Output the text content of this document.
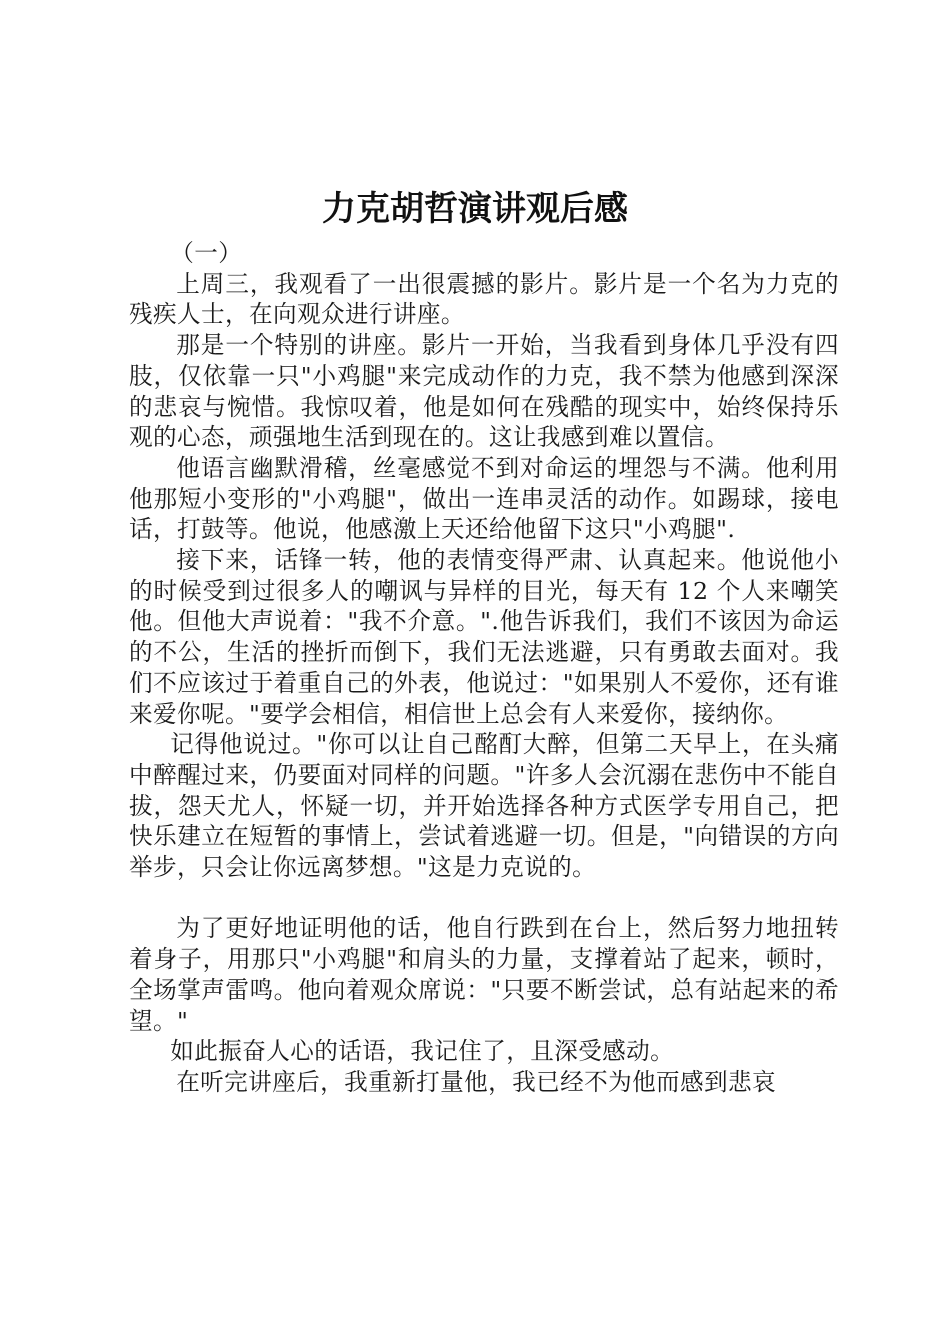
力克胡哲演讲观后感

（一）

上周三，我观看了一出很震撼的影片。影片是一个名为力克的残疾人士，在向观众进行讲座。

那是一个特别的讲座。影片一开始，当我看到身体几乎没有四肢，仅依靠一只"小鸡腿"来完成动作的力克，我不禁为他感到深深的悲哀与惋惜。我惊叹着，他是如何在残酷的现实中，始终保持乐观的心态，顽强地生活到现在的。这让我感到难以置信。

他语言幽默滑稽，丝毫感觉不到对命运的埋怨与不满。他利用他那短小变形的"小鸡腿"，做出一连串灵活的动作。如踢球，接电话，打鼓等。他说，他感激上天还给他留下这只"小鸡腿".

接下来，话锋一转，他的表情变得严肃、认真起来。他说他小的时候受到过很多人的嘲讽与异样的目光，每天有 12 个人来嘲笑他。但他大声说着："我不介意。".他告诉我们，我们不该因为命运的不公，生活的挫折而倒下，我们无法逃避，只有勇敢去面对。我们不应该过于着重自己的外表，他说过："如果别人不爱你，还有谁来爱你呢。"要学会相信，相信世上总会有人来爱你，接纳你。

记得他说过。"你可以让自己酩酊大醉，但第二天早上，在头痛中醉醒过来，仍要面对同样的问题。"许多人会沉溺在悲伤中不能自拔，怨天尤人，怀疑一切，并开始选择各种方式医学专用自己，把快乐建立在短暂的事情上，尝试着逃避一切。但是，"向错误的方向举步，只会让你远离梦想。"这是力克说的。

为了更好地证明他的话，他自行跌到在台上，然后努力地扭转着身子，用那只"小鸡腿"和肩头的力量，支撑着站了起来，顿时，全场掌声雷鸣。他向着观众席说："只要不断尝试，总有站起来的希望。"

如此振奋人心的话语，我记住了，且深受感动。

在听完讲座后，我重新打量他，我已经不为他而感到悲哀
